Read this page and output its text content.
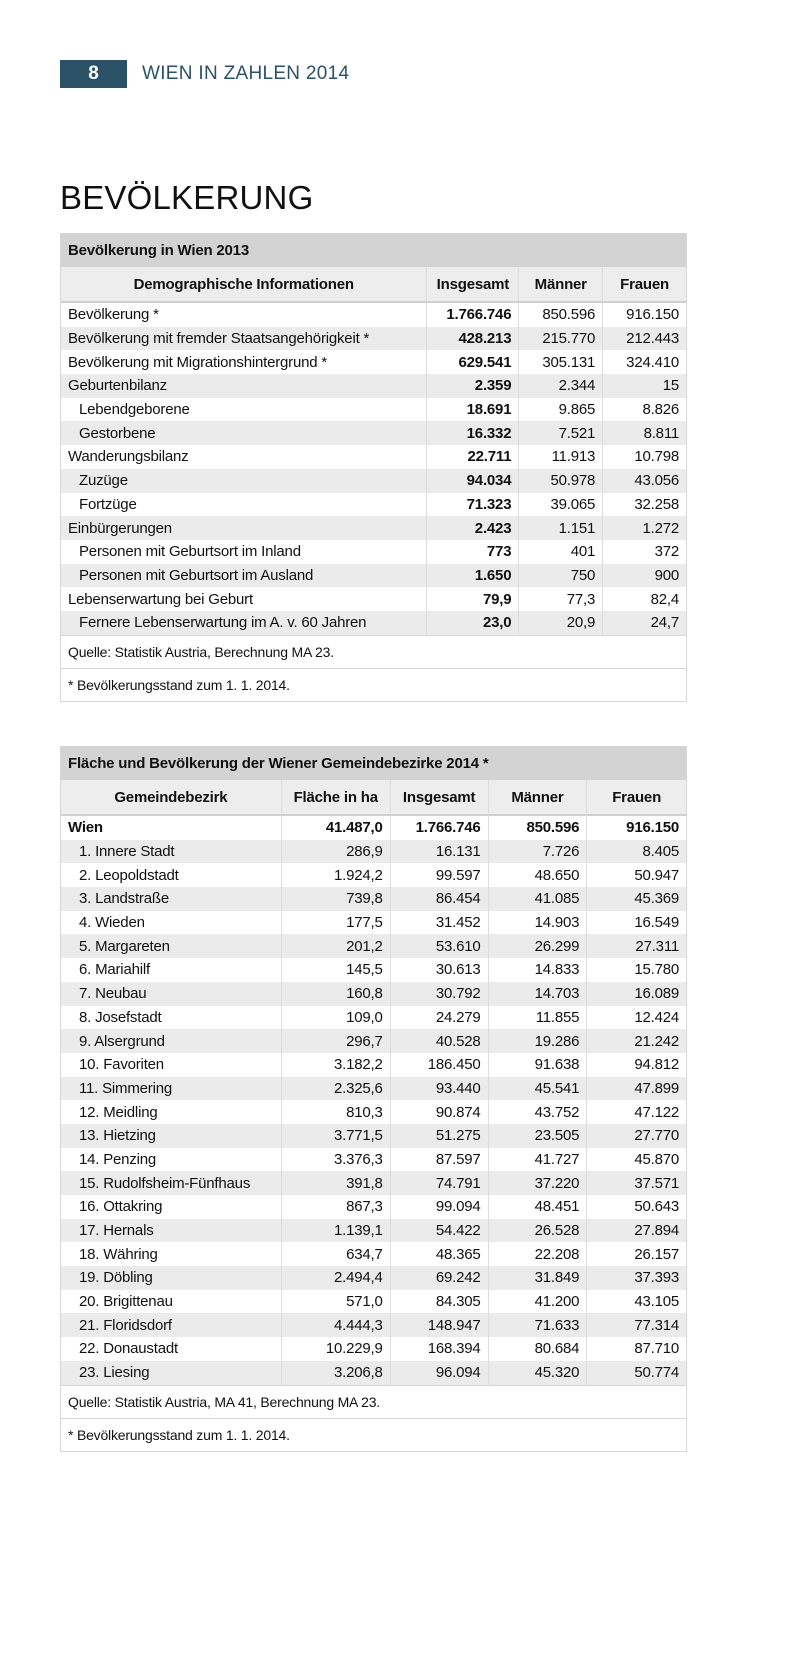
8	WIEN IN ZAHLEN 2014
BEVÖLKERUNG
Bevölkerung in Wien 2013			
Demographische Informationen	Insgesamt	Männer	Frauen
Bevölkerung *	1.766.746	850.596	916.150
Bevölkerung mit fremder Staatsangehörigkeit *	428.213	215.770	212.443
Bevölkerung mit Migrationshintergrund *	629.541	305.131	324.410
Geburtenbilanz	2.359	2.344	15
Lebendgeborene	18.691	9.865	8.826
Gestorbene	16.332	7.521	8.811
Wanderungsbilanz	22.711	11.913	10.798
Zuzüge	94.034	50.978	43.056
Fortzüge	71.323	39.065	32.258
Einbürgerungen	2.423	1.151	1.272
Personen mit Geburtsort im Inland	773	401	372
Personen mit Geburtsort im Ausland	1.650	750	900
Lebenserwartung bei Geburt	79,9	77,3	82,4
Fernere Lebenserwartung im A. v. 60 Jahren	23,0	20,9	24,7
Quelle: Statistik Austria, Berechnung MA 23.			
* Bevölkerungsstand zum 1. 1. 2014.			
Fläche und Bevölkerung der Wiener Gemeindebezirke 2014 *				
Gemeindebezirk	Fläche in ha	Insgesamt	Männer	Frauen
Wien	41.487,0	1.766.746	850.596	916.150
1. Innere Stadt	286,9	16.131	7.726	8.405
2. Leopoldstadt	1.924,2	99.597	48.650	50.947
3. Landstraße	739,8	86.454	41.085	45.369
4. Wieden	177,5	31.452	14.903	16.549
5. Margareten	201,2	53.610	26.299	27.311
6. Mariahilf	145,5	30.613	14.833	15.780
7. Neubau	160,8	30.792	14.703	16.089
8. Josefstadt	109,0	24.279	11.855	12.424
9. Alsergrund	296,7	40.528	19.286	21.242
10. Favoriten	3.182,2	186.450	91.638	94.812
11. Simmering	2.325,6	93.440	45.541	47.899
12. Meidling	810,3	90.874	43.752	47.122
13. Hietzing	3.771,5	51.275	23.505	27.770
14. Penzing	3.376,3	87.597	41.727	45.870
15. Rudolfsheim-Fünfhaus	391,8	74.791	37.220	37.571
16. Ottakring	867,3	99.094	48.451	50.643
17. Hernals	1.139,1	54.422	26.528	27.894
18. Währing	634,7	48.365	22.208	26.157
19. Döbling	2.494,4	69.242	31.849	37.393
20. Brigittenau	571,0	84.305	41.200	43.105
21. Floridsdorf	4.444,3	148.947	71.633	77.314
22. Donaustadt	10.229,9	168.394	80.684	87.710
23. Liesing	3.206,8	96.094	45.320	50.774
Quelle: Statistik Austria, MA 41, Berechnung MA 23.				
* Bevölkerungsstand zum 1. 1. 2014.				
